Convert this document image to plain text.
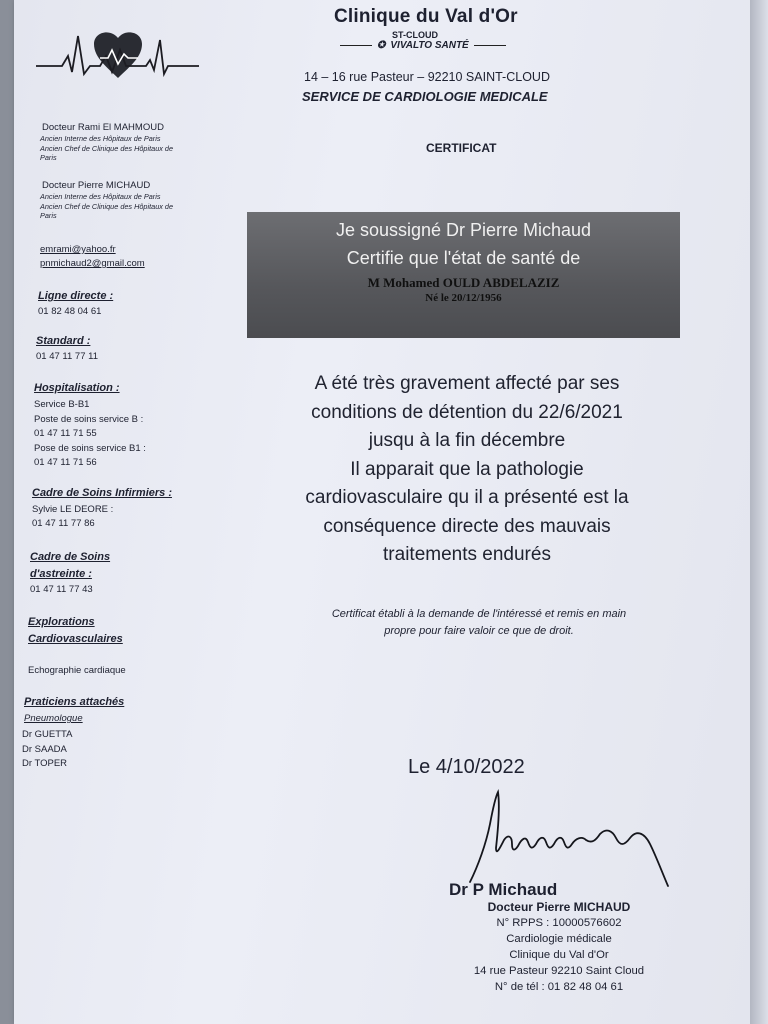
Clinique du Val d'Or
ST-CLOUD
✪ VIVALTO SANTÉ
14 – 16 rue Pasteur – 92210 SAINT-CLOUD
SERVICE DE CARDIOLOGIE MEDICALE
CERTIFICAT
Docteur Rami El MAHMOUD
Ancien Interne des Hôpitaux de Paris
Ancien Chef de Clinique des Hôpitaux de
Paris
Docteur Pierre MICHAUD
Ancien Interne des Hôpitaux de Paris
Ancien Chef de Clinique des Hôpitaux de
Paris
emrami@yahoo.fr
pnmichaud2@gmail.com
Ligne directe :
01 82 48 04 61
Standard :
01 47 11 77 11
Hospitalisation :
Service B-B1
Poste de soins service B :
01 47 11 71 55
Pose de soins service B1 :
01 47 11 71 56
Cadre de Soins Infirmiers :
Sylvie LE DEORE :
01 47 11 77 86
Cadre de Soins
d'astreinte :
01 47 11 77 43
Explorations
Cardiovasculaires
Echographie cardiaque
Praticiens attachés
Pneumologue
Dr GUETTA
Dr SAADA
Dr TOPER
Je soussigné Dr Pierre Michaud
Certifie que l'état de santé de
M Mohamed OULD ABDELAZIZ
Né le 20/12/1956
A été très gravement affecté par ses
conditions de détention du 22/6/2021
jusqu à la fin décembre
Il apparait que la pathologie
cardiovasculaire qu il a présenté est la
conséquence directe des mauvais
traitements endurés
Certificat établi à la demande de l'intéressé et remis en main
propre pour faire valoir ce que de droit.
Le 4/10/2022
Dr P Michaud
Docteur Pierre MICHAUD
N° RPPS : 10000576602
Cardiologie médicale
Clinique du Val d'Or
14 rue Pasteur 92210 Saint Cloud
N° de tél : 01 82 48 04 61
